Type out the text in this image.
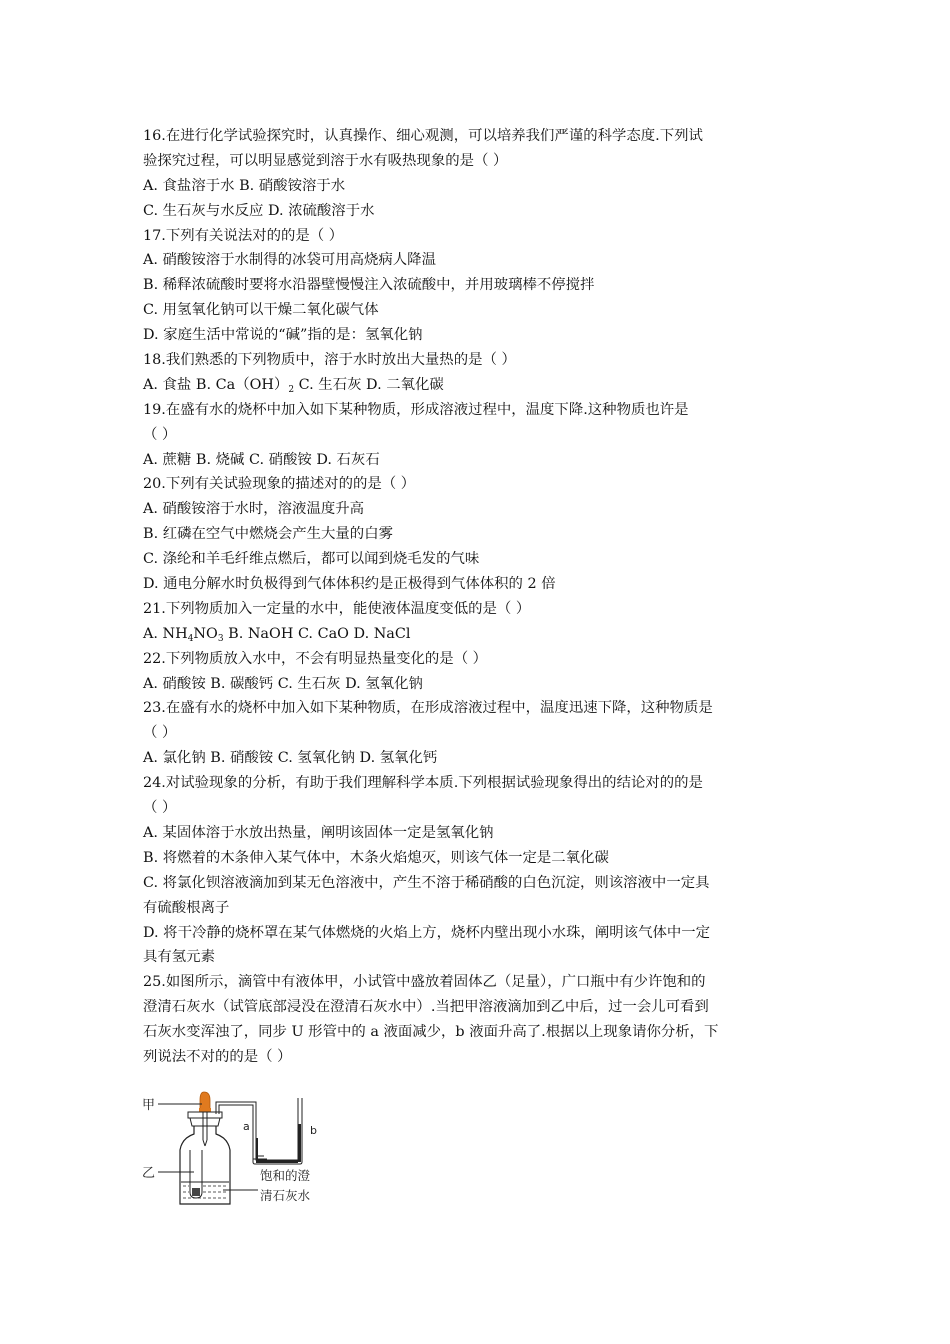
16.在进行化学试验探究时，认真操作、细心观测，可以培养我们严谨的科学态度.下列试
验探究过程，可以明显感觉到溶于水有吸热现象的是（ ）
A. 食盐溶于水 B. 硝酸铵溶于水
C. 生石灰与水反应 D. 浓硫酸溶于水
17.下列有关说法对的的是（ ）
A. 硝酸铵溶于水制得的冰袋可用高烧病人降温
B. 稀释浓硫酸时要将水沿器壁慢慢注入浓硫酸中，并用玻璃棒不停搅拌
C. 用氢氧化钠可以干燥二氧化碳气体
D. 家庭生活中常说的“碱”指的是：氢氧化钠
18.我们熟悉的下列物质中，溶于水时放出大量热的是（ ）
A. 食盐 B. $Ca(OH)_2$ C. 生石灰 D. 二氧化碳
19.在盛有水的烧杯中加入如下某种物质，形成溶液过程中，温度下降.这种物质也许是
（ ）
A. 蔗糖 B. 烧碱 C. 硝酸铵 D. 石灰石
20.下列有关试验现象的描述对的的是（ ）
A. 硝酸铵溶于水时，溶液温度升高
B. 红磷在空气中燃烧会产生大量的白雾
C. 涤纶和羊毛纤维点燃后，都可以闻到烧毛发的气味
D. 通电分解水时负极得到气体体积约是正极得到气体体积的 2 倍
21.下列物质加入一定量的水中，能使液体温度变低的是（ ）
A. $NH_4NO_3$ B. NaOH C. CaO D. NaCl
22.下列物质放入水中，不会有明显热量变化的是（ ）
A. 硝酸铵 B. 碳酸钙 C. 生石灰 D. 氢氧化钠
23.在盛有水的烧杯中加入如下某种物质，在形成溶液过程中，温度迅速下降，这种物质是
（ ）
A. 氯化钠 B. 硝酸铵 C. 氢氧化钠 D. 氢氧化钙
24.对试验现象的分析，有助于我们理解科学本质.下列根据试验现象得出的结论对的的是
（ ）
A. 某固体溶于水放出热量，阐明该固体一定是氢氧化钠
B. 将燃着的木条伸入某气体中，木条火焰熄灭，则该气体一定是二氧化碳
C. 将氯化钡溶液滴加到某无色溶液中，产生不溶于稀硝酸的白色沉淀，则该溶液中一定具
有硫酸根离子
D. 将干冷静的烧杯罩在某气体燃烧的火焰上方，烧杯内壁出现小水珠，阐明该气体中一定
具有氢元素
25.如图所示，滴管中有液体甲，小试管中盛放着固体乙（足量），广口瓶中有少许饱和的
澄清石灰水（试管底部浸没在澄清石灰水中）.当把甲溶液滴加到乙中后，过一会儿可看到
石灰水变浑浊了，同步 U 形管中的 a 液面减少，b 液面升高了.根据以上现象请你分析，下
列说法不对的的是（ ）
甲
乙
a	b
饱和的澄
清石灰水
